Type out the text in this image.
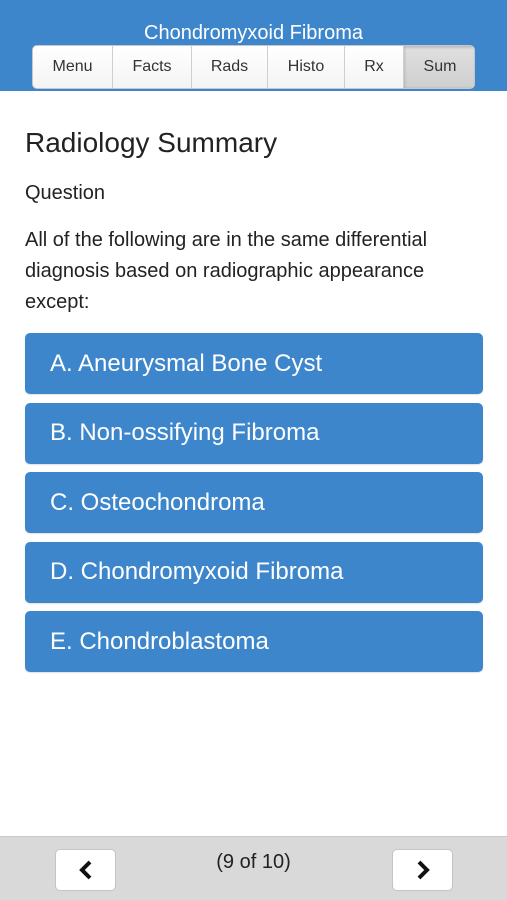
Chondromyxoid Fibroma
Menu	Facts	Rads	Histo	Rx	Sum
Radiology Summary
Question
All of the following are in the same differential diagnosis based on radiographic appearance except:
A. Aneurysmal Bone Cyst
B. Non-ossifying Fibroma
C. Osteochondroma
D. Chondromyxoid Fibroma
E. Chondroblastoma
(9 of 10)
